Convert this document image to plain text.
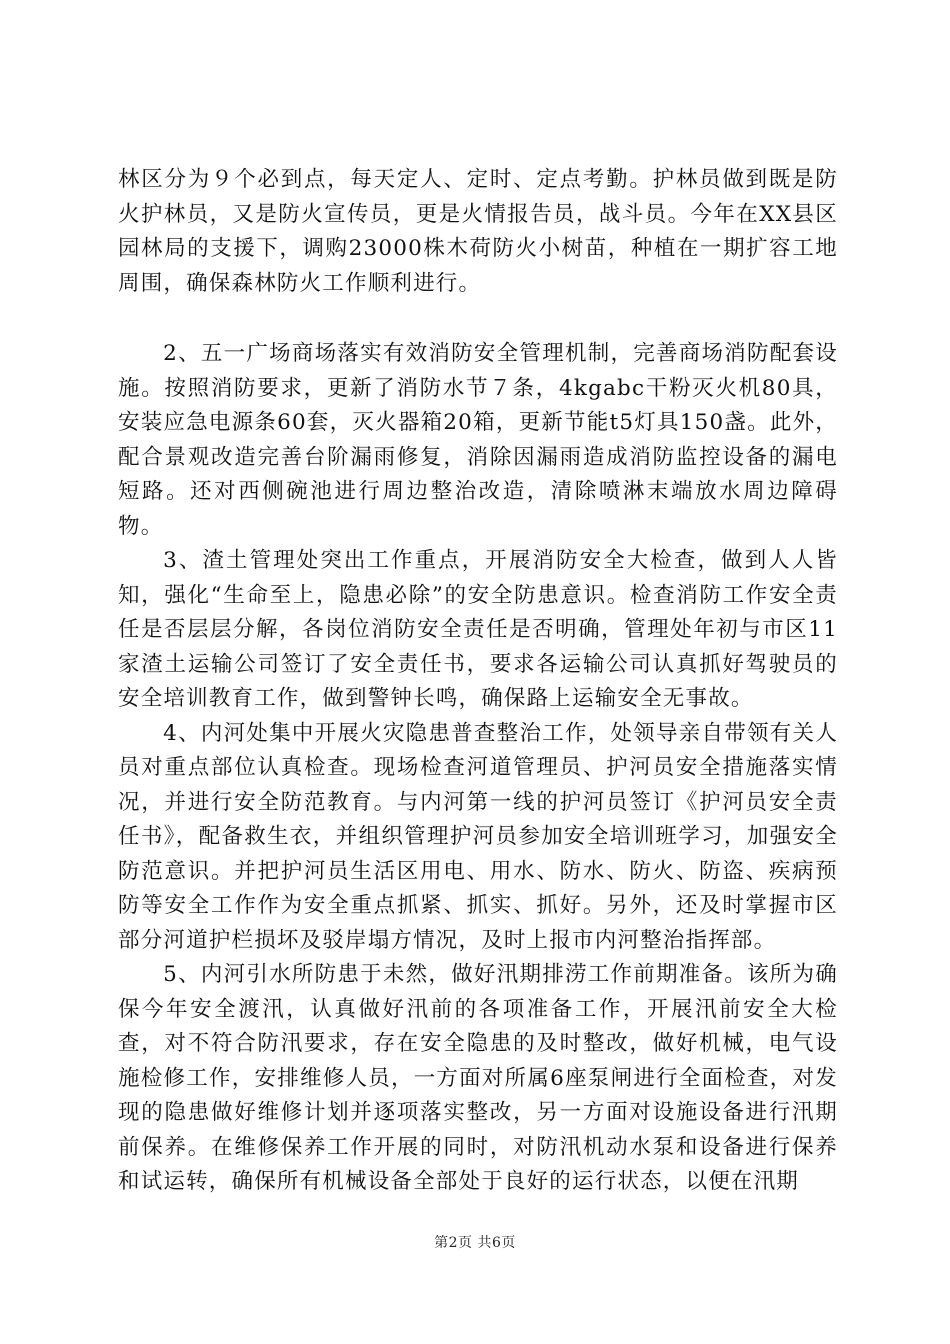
林区分为９个必到点，每天定人、定时、定点考勤。护林员做到既是防火护林员，又是防火宣传员，更是火情报告员，战斗员。今年在XX县区园林局的支援下，调购23000株木荷防火小树苗，种植在一期扩容工地周围，确保森林防火工作顺利进行。

2、五一广场商场落实有效消防安全管理机制，完善商场消防配套设施。按照消防要求，更新了消防水节７条，4kgabc干粉灭火机80具，安装应急电源条60套，灭火器箱20箱，更新节能t5灯具150盏。此外，配合景观改造完善台阶漏雨修复，消除因漏雨造成消防监控设备的漏电短路。还对西侧碗池进行周边整治改造，清除喷淋末端放水周边障碍物。

3、渣土管理处突出工作重点，开展消防安全大检查，做到人人皆知，强化“生命至上，隐患必除”的安全防患意识。检查消防工作安全责任是否层层分解，各岗位消防安全责任是否明确，管理处年初与市区11家渣土运输公司签订了安全责任书，要求各运输公司认真抓好驾驶员的安全培训教育工作，做到警钟长鸣，确保路上运输安全无事故。

4、内河处集中开展火灾隐患普查整治工作，处领导亲自带领有关人员对重点部位认真检查。现场检查河道管理员、护河员安全措施落实情况，并进行安全防范教育。与内河第一线的护河员签订《护河员安全责任书》，配备救生衣，并组织管理护河员参加安全培训班学习，加强安全防范意识。并把护河员生活区用电、用水、防水、防火、防盗、疾病预防等安全工作作为安全重点抓紧、抓实、抓好。另外，还及时掌握市区部分河道护栏损坏及驳岸塌方情况，及时上报市内河整治指挥部。

5、内河引水所防患于未然，做好汛期排涝工作前期准备。该所为确保今年安全渡汛，认真做好汛前的各项准备工作，开展汛前安全大检查，对不符合防汛要求，存在安全隐患的及时整改，做好机械，电气设施检修工作，安排维修人员，一方面对所属6座泵闸进行全面检查，对发现的隐患做好维修计划并逐项落实整改，另一方面对设施设备进行汛期前保养。在维修保养工作开展的同时，对防汛机动水泵和设备进行保养和试运转，确保所有机械设备全部处于良好的运行状态，以便在汛期

第2页 共6页
